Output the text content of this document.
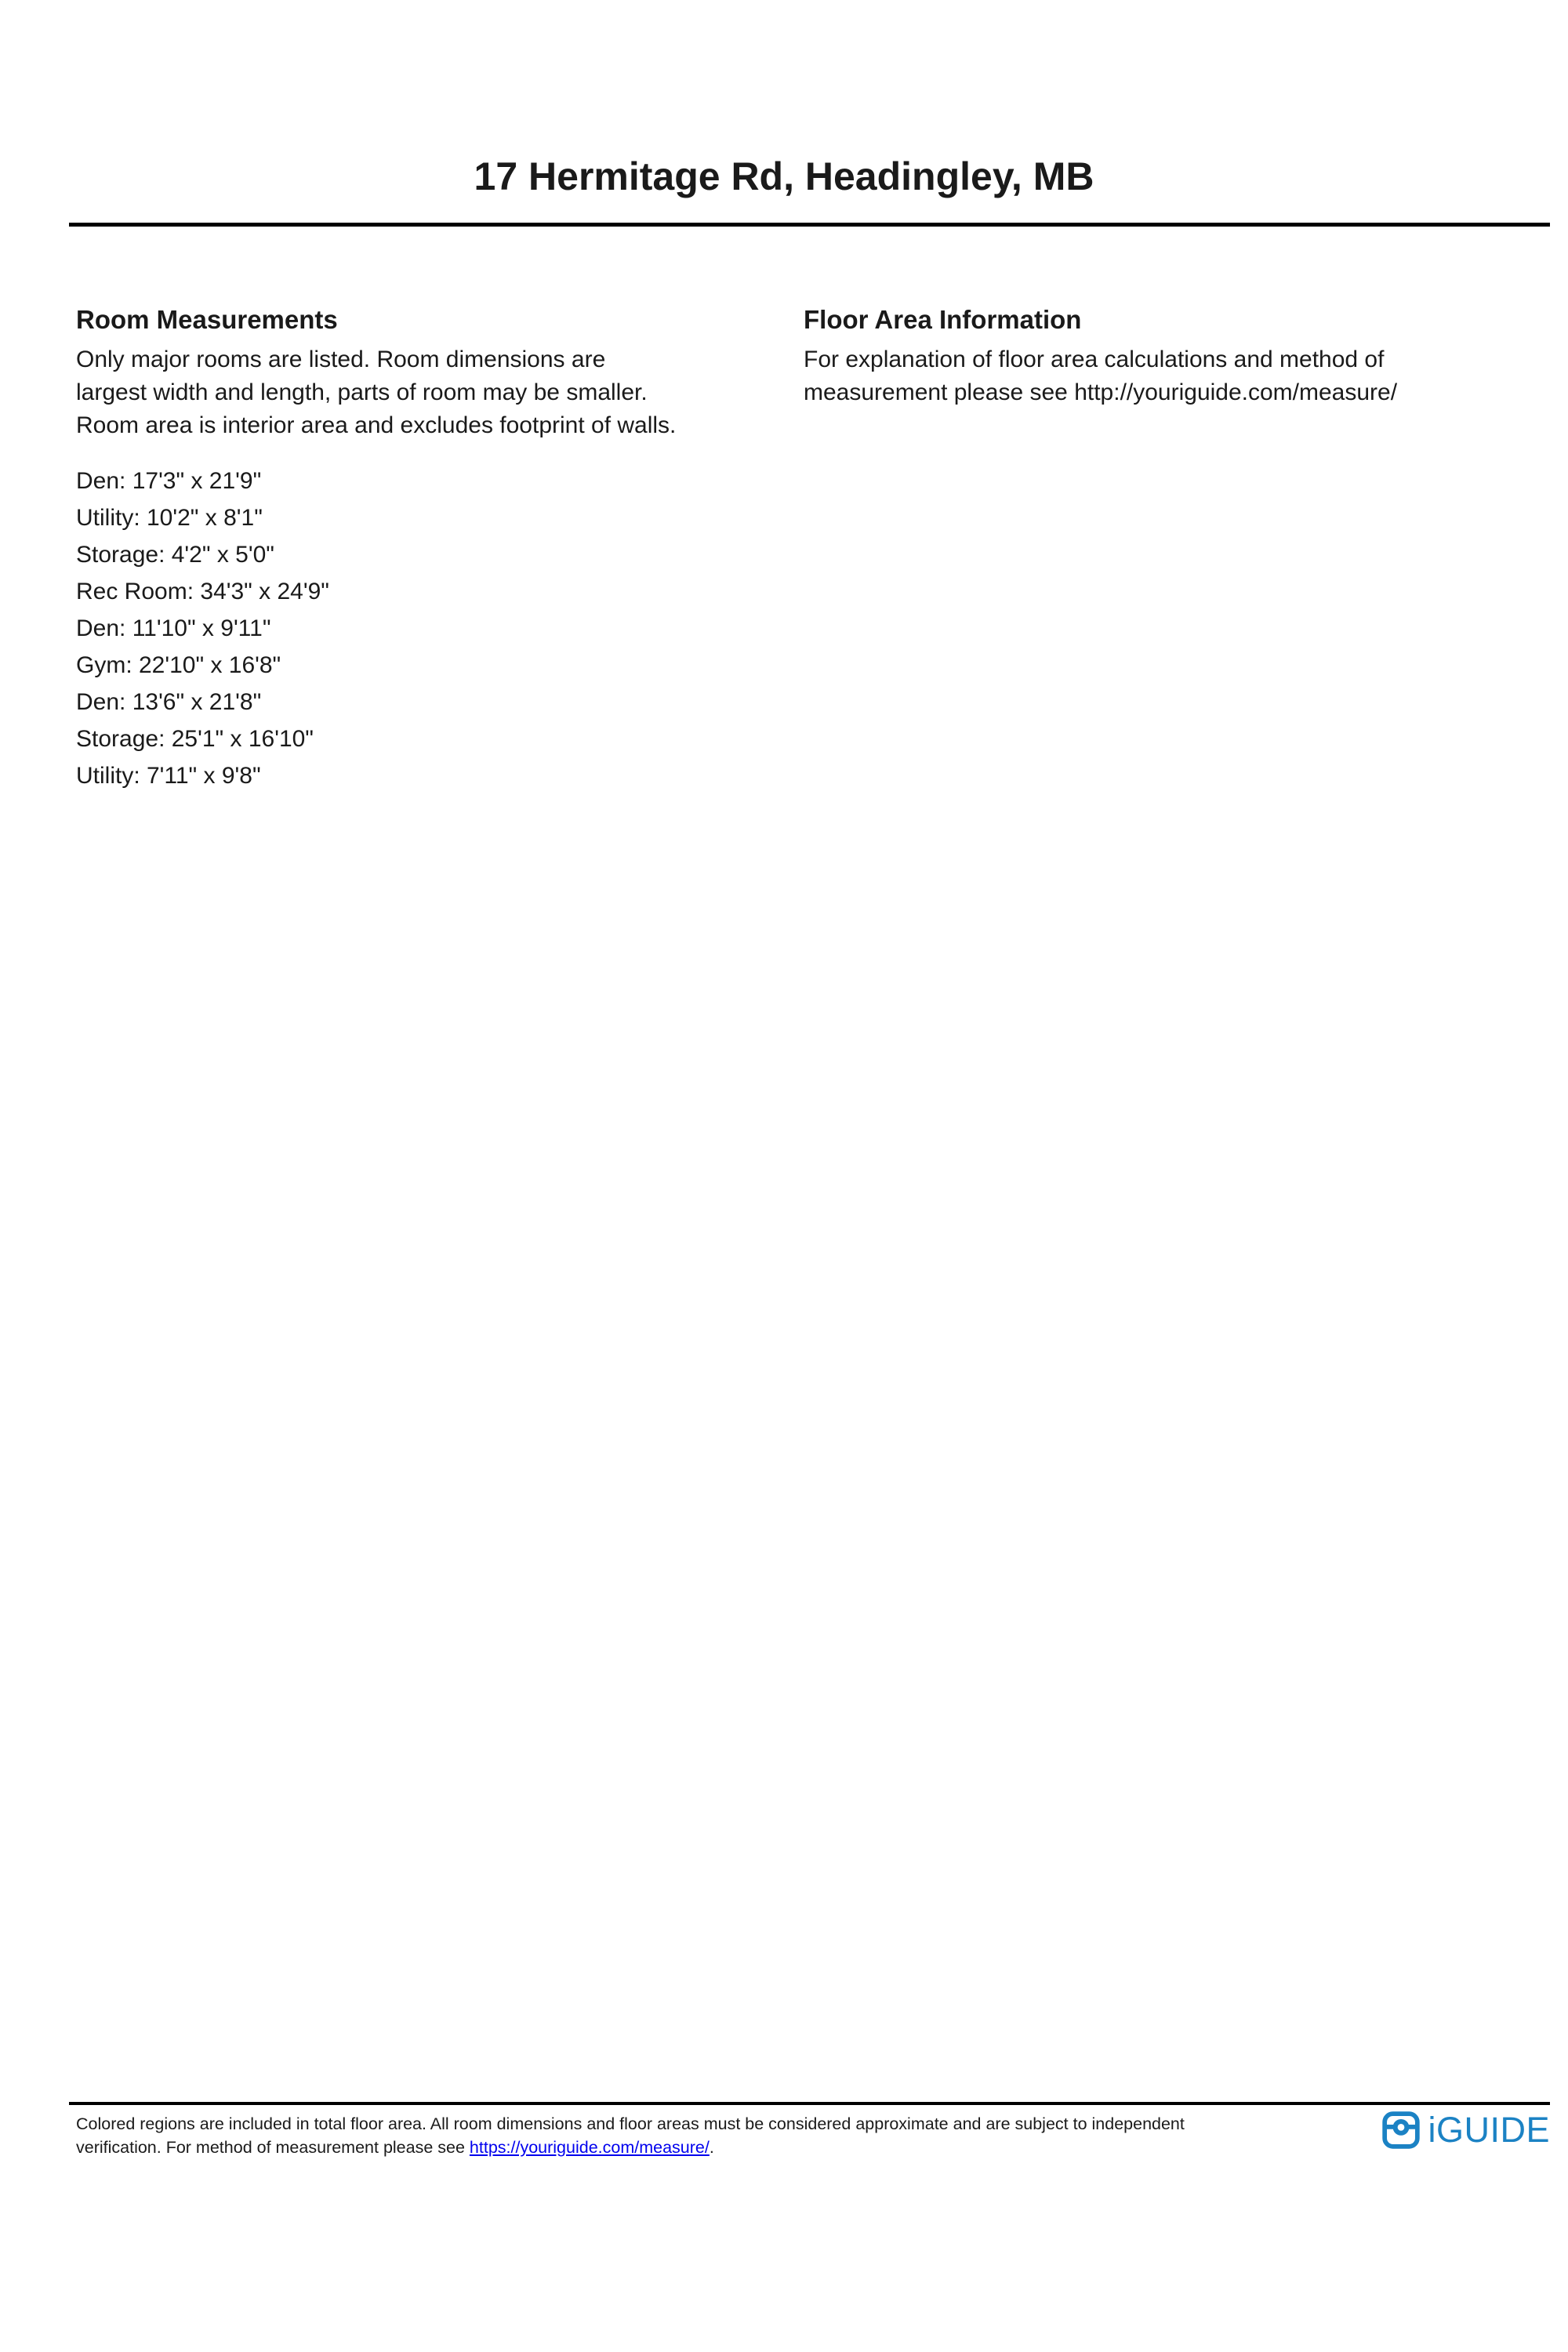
17 Hermitage Rd, Headingley, MB
Room Measurements
Only major rooms are listed. Room dimensions are
largest width and length, parts of room may be smaller.
Room area is interior area and excludes footprint of walls.
Den: 17'3" x 21'9"
Utility: 10'2" x 8'1"
Storage: 4'2" x 5'0"
Rec Room: 34'3" x 24'9"
Den: 11'10" x 9'11"
Gym: 22'10" x 16'8"
Den: 13'6" x 21'8"
Storage: 25'1" x 16'10"
Utility: 7'11" x 9'8"
Floor Area Information
For explanation of floor area calculations and method of
measurement please see http://youriguide.com/measure/
Colored regions are included in total floor area. All room dimensions and floor areas must be considered approximate and are subject to independent
verification. For method of measurement please see https://youriguide.com/measure/.	iGUIDE
